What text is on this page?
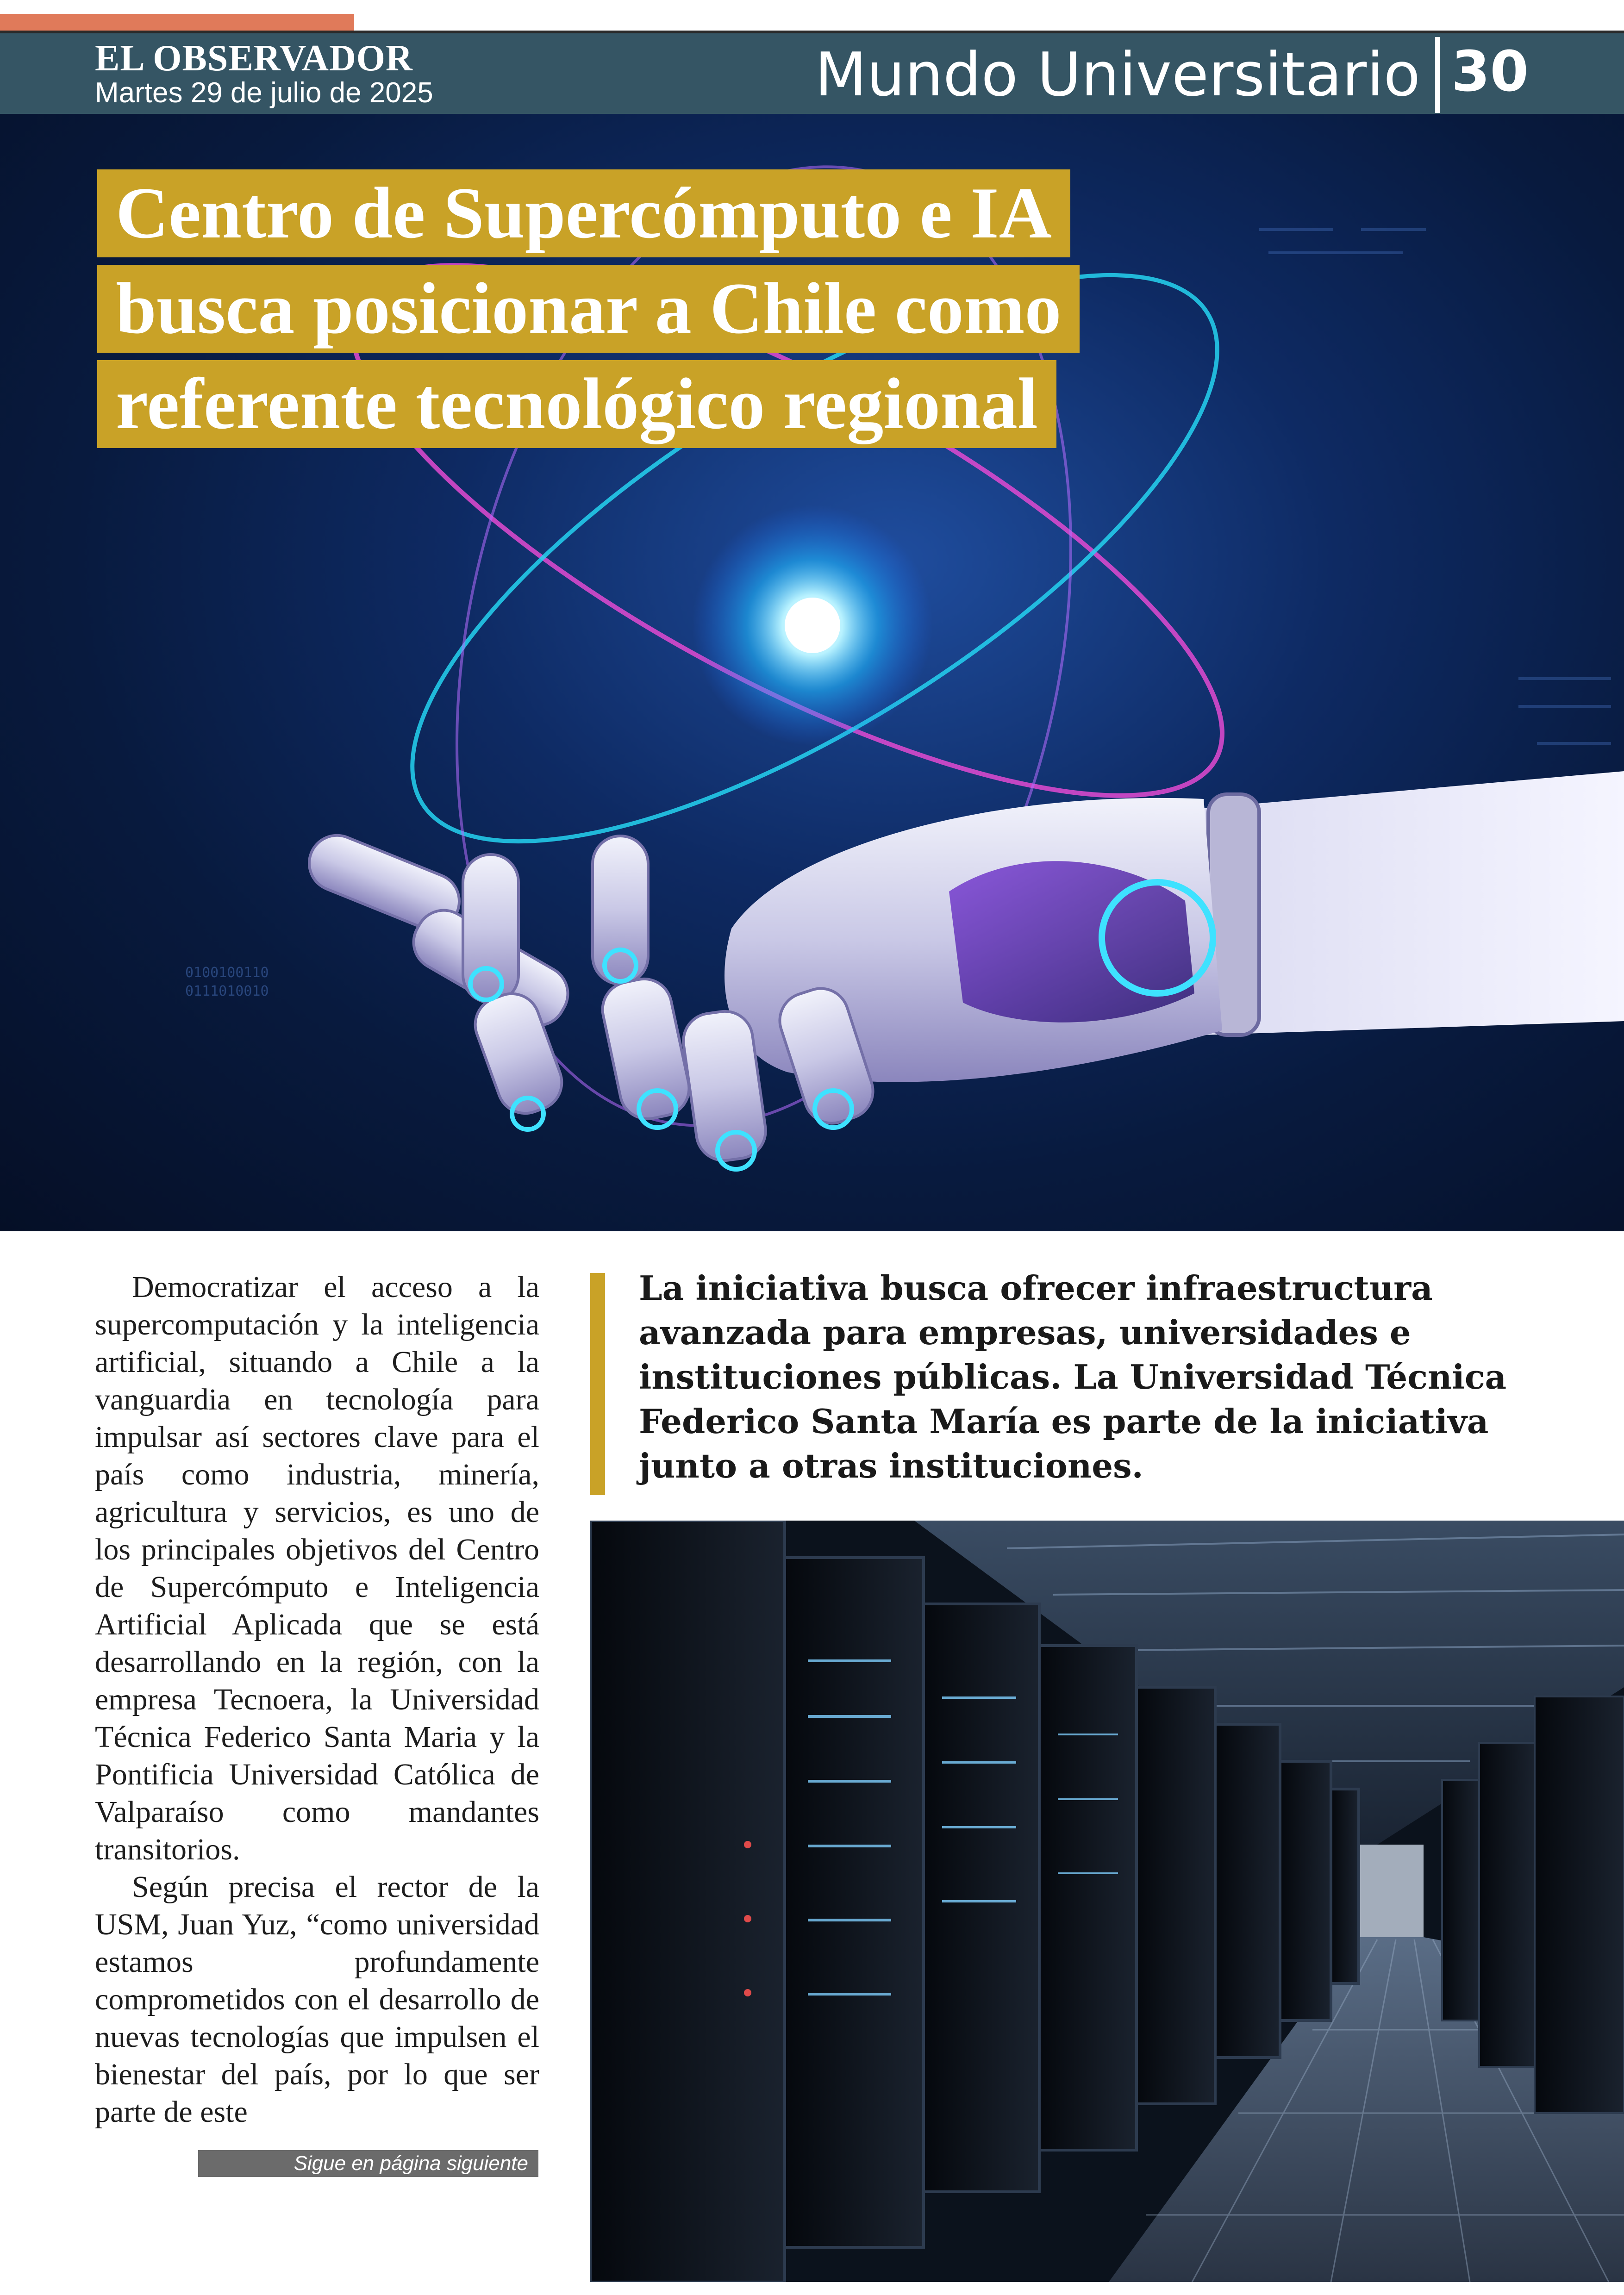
EL OBSERVADOR
Martes 29 de julio de 2025	Mundo Universitario 30
0100100110
0111010010
Centro de Supercómputo e IA
busca posicionar a Chile como
referente tecnológico regional

Democratizar el acceso a la supercomputación y la inteligencia artificial, situando a Chile a la vanguardia en tecnología para impulsar así sectores clave para el país como industria, minería, agricultura y servicios, es uno de los principales objetivos del Centro de Supercómputo e Inteligencia Artificial Aplicada que se está desarrollando en la región, con la empresa Tecnoera, la Universidad Técnica Federico Santa Maria y la Pontificia Universidad Católica de Valparaíso como mandantes transitorios.

Según precisa el rector de la USM, Juan Yuz, “como universidad estamos profundamente comprometidos con el desarrollo de nuevas tecnologías que impulsen el bienestar del país, por lo que ser parte de este

Sigue en página siguiente
La iniciativa busca ofrecer infraestructura avanzada para empresas, universidades e instituciones públicas. La Universidad Técnica Federico Santa María es parte de la iniciativa junto a otras instituciones.
